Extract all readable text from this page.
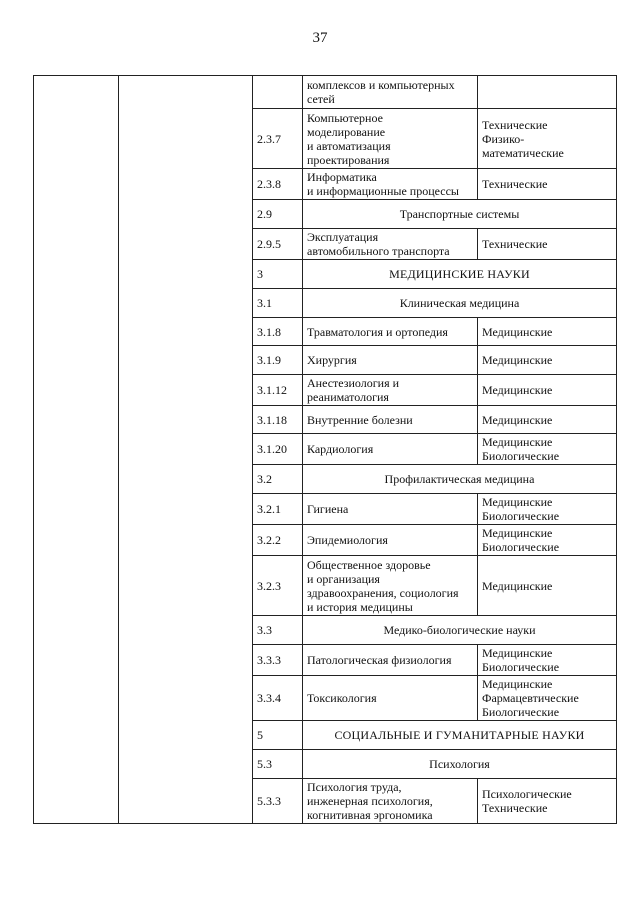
37

			комплексов и компьютерных
сетей	

		2.3.7	Компьютерное
моделирование
и автоматизация
проектирования	Технические
Физико-
математические

		2.3.8	Информатика
и информационные процессы	Технические

		2.9	Транспортные системы	
		2.9.5	Эксплуатация
автомобильного транспорта	Технические

		3	МЕДИЦИНСКИЕ НАУКИ	
		3.1	Клиническая медицина	
		3.1.8	Травматология и ортопедия	Медицинские

		3.1.9	Хирургия	Медицинские

		3.1.12	Анестезиология и
реаниматология	Медицинские

		3.1.18	Внутренние болезни	Медицинские

		3.1.20	Кардиология	Медицинские
Биологические

		3.2	Профилактическая медицина	
		3.2.1	Гигиена	Медицинские
Биологические

		3.2.2	Эпидемиология	Медицинские
Биологические

		3.2.3	Общественное здоровье
и организация
здравоохранения, социология
и история медицины	Медицинские

		3.3	Медико-биологические науки	
		3.3.3	Патологическая физиология	Медицинские
Биологические

		3.3.4	Токсикология	Медицинские
Фармацевтические
Биологические

		5	СОЦИАЛЬНЫЕ И ГУМАНИТАРНЫЕ НАУКИ	
		5.3	Психология	
		5.3.3	Психология труда,
инженерная психология,
когнитивная эргономика	Психологические
Технические
